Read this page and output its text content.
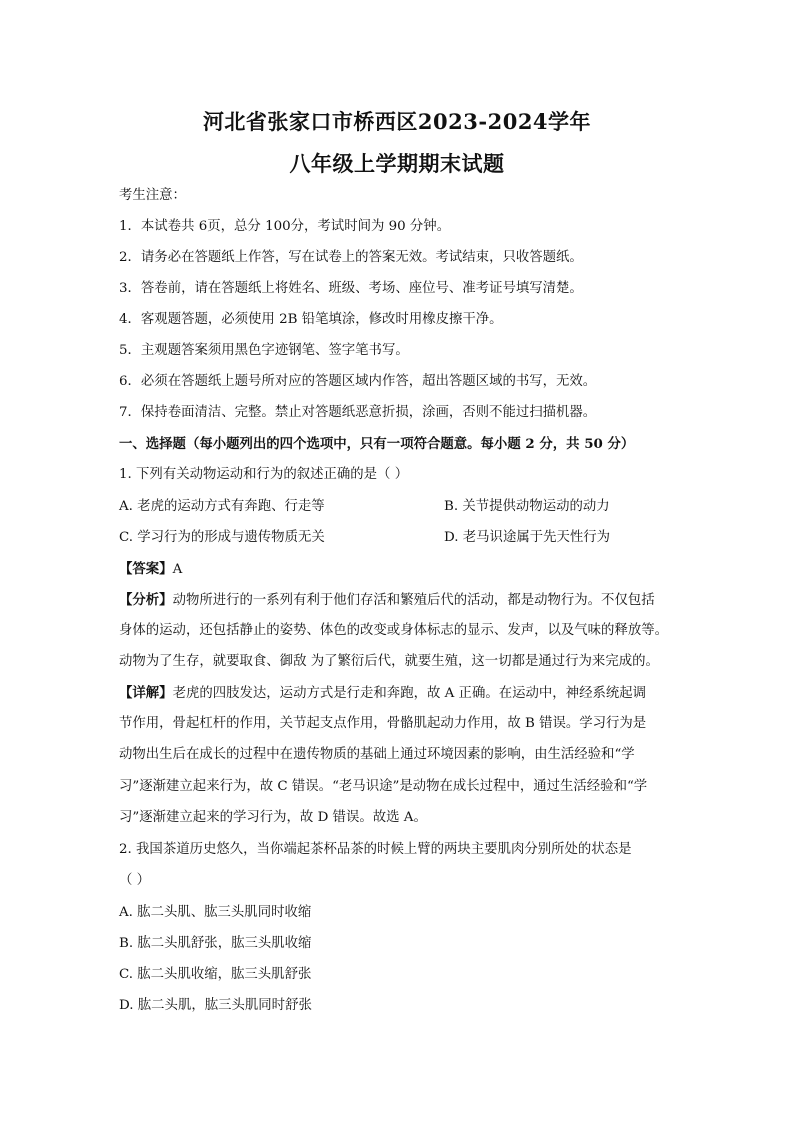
河北省张家口市桥西区2023-2024学年
八年级上学期期末试题
考生注意：
1．本试卷共 6页，总分 100分，考试时间为 90 分钟。
2．请务必在答题纸上作答，写在试卷上的答案无效。考试结束，只收答题纸。
3．答卷前，请在答题纸上将姓名、班级、考场、座位号、准考证号填写清楚。
4．客观题答题，必须使用 2B 铅笔填涂，修改时用橡皮擦干净。
5．主观题答案须用黑色字迹钢笔、签字笔书写。
6．必须在答题纸上题号所对应的答题区域内作答，超出答题区域的书写，无效。
7．保持卷面清洁、完整。禁止对答题纸恶意折损，涂画，否则不能过扫描机器。
一、选择题（每小题列出的四个选项中，只有一项符合题意。每小题 2 分，共 50 分）
1. 下列有关动物运动和行为的叙述正确的是（ ）
A. 老虎的运动方式有奔跑、行走等	B. 关节提供动物运动的动力
C. 学习行为的形成与遗传物质无关	D. 老马识途属于先天性行为
【答案】A
【分析】动物所进行的一系列有利于他们存活和繁殖后代的活动，都是动物行为。不仅包括
身体的运动，还包括静止的姿势、体色的改变或身体标志的显示、发声，以及气味的释放等。
动物为了生存，就要取食、御敌 为了繁衍后代，就要生殖，这一切都是通过行为来完成的。
【详解】老虎的四肢发达，运动方式是行走和奔跑，故 A 正确。在运动中，神经系统起调
节作用，骨起杠杆的作用，关节起支点作用，骨骼肌起动力作用，故 B 错误。学习行为是
动物出生后在成长的过程中在遗传物质的基础上通过环境因素的影响，由生活经验和“学
习”逐渐建立起来行为，故 C 错误。“老马识途”是动物在成长过程中，通过生活经验和“学
习”逐渐建立起来的学习行为，故 D 错误。故选 A。
2. 我国茶道历史悠久，当你端起茶杯品茶的时候上臂的两块主要肌肉分别所处的状态是
（ ）
A. 肱二头肌、肱三头肌同时收缩
B. 肱二头肌舒张，肱三头肌收缩
C. 肱二头肌收缩，肱三头肌舒张
D. 肱二头肌，肱三头肌同时舒张
